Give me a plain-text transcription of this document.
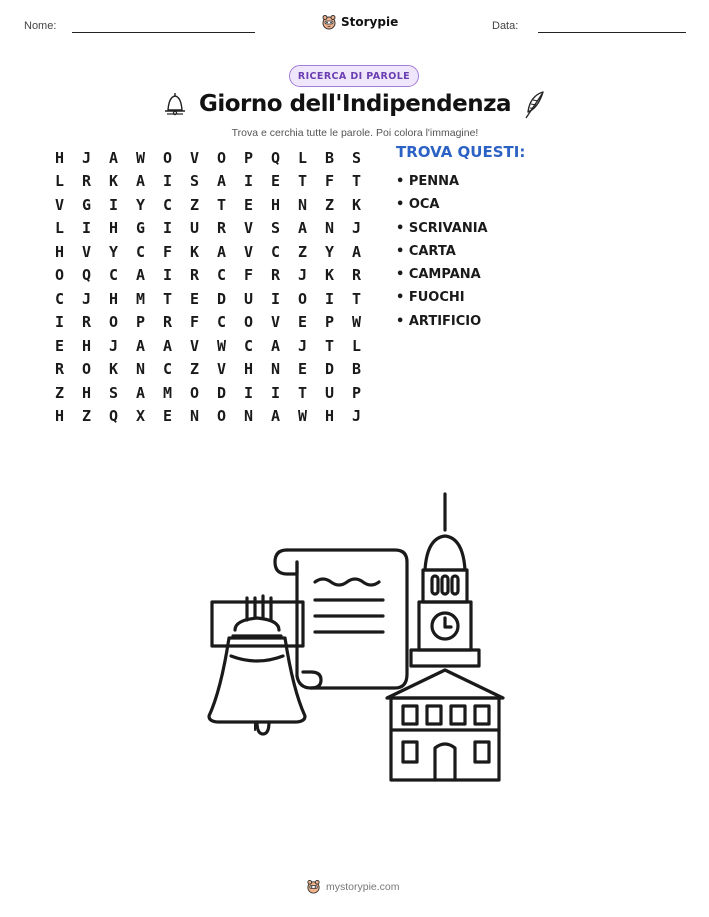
Nome:	Data:
Storypie
RICERCA DI PAROLE
Giorno dell'Indipendenza
Trova e cerchia tutte le parole. Poi colora l'immagine!
H	J	A	W	O	V	O	P	Q	L	B	S
L	R	K	A	I	S	A	I	E	T	F	T
V	G	I	Y	C	Z	T	E	H	N	Z	K
L	I	H	G	I	U	R	V	S	A	N	J
H	V	Y	C	F	K	A	V	C	Z	Y	A
O	Q	C	A	I	R	C	F	R	J	K	R
C	J	H	M	T	E	D	U	I	O	I	T
I	R	O	P	R	F	C	O	V	E	P	W
E	H	J	A	A	V	W	C	A	J	T	L
R	O	K	N	C	Z	V	H	N	E	D	B
Z	H	S	A	M	O	D	I	I	T	U	P
H	Z	Q	X	E	N	O	N	A	W	H	J
TROVA QUESTI:
• PENNA
• OCA
• SCRIVANIA
• CARTA
• CAMPANA
• FUOCHI
• ARTIFICIO
mystorypie.com
